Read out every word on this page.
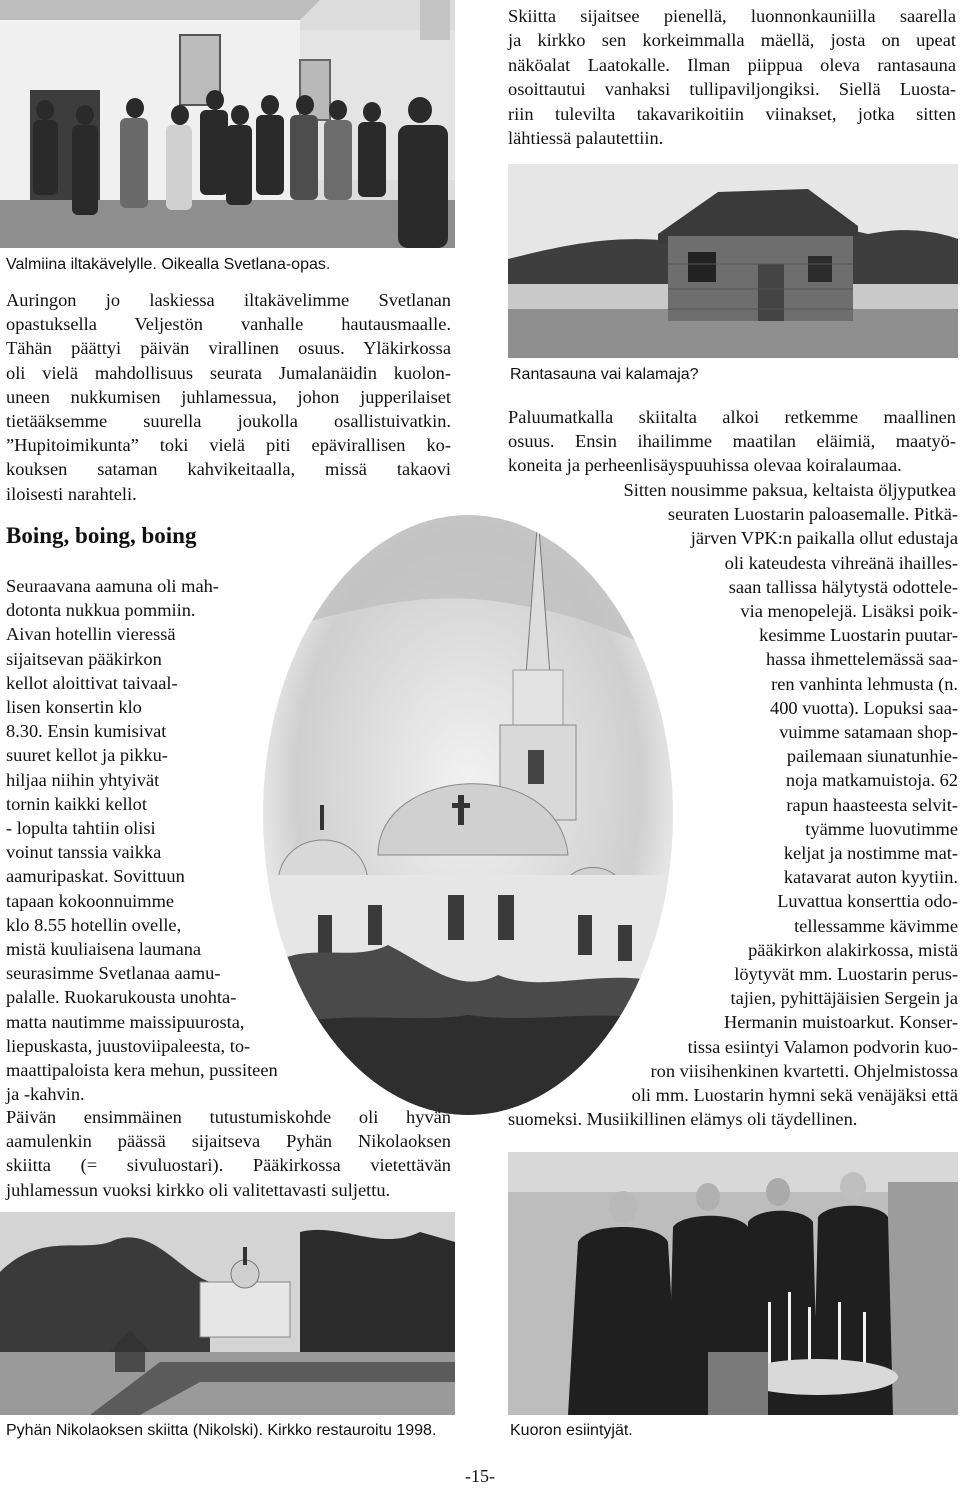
Valmiina iltakävelylle. Oikealla Svetlana-opas.

Skiitta sijaitsee pienellä, luonnonkauniilla saarella
ja kirkko sen korkeimmalla mäellä, josta on upeat
näköalat Laatokalle. Ilman piippua oleva rantasauna
osoittautui vanhaksi tullipaviljongiksi. Siellä Luosta-
riin tulevilta takavarikoitiin viinakset, jotka sitten
lähtiessä palautettiin.

Rantasauna vai kalamaja?

Auringon jo laskiessa iltakävelimme Svetlanan
opastuksella Veljestön vanhalle hautausmaalle.
Tähän päättyi päivän virallinen osuus. Yläkirkossa
oli vielä mahdollisuus seurata Jumalanäidin kuolon-
uneen nukkumisen juhlamessua, johon jupperilaiset
tietääksemme suurella joukolla osallistuivatkin.
”Hupitoimikunta” toki vielä piti epävirallisen ko-
kouksen sataman kahvikeitaalla, missä takaovi
iloisesti narahteli.

Boing, boing, boing

Paluumatkalla skiitalta alkoi retkemme maallinen
osuus. Ensin ihailimme maatilan eläimiä, maatyö-
koneita ja perheenlisäyspuuhissa olevaa koiralaumaa.

Seuraavana aamuna oli mah-
dotonta nukkua pommiin.
Aivan hotellin vieressä
sijaitsevan pääkirkon
kellot aloittivat taivaal-
lisen konsertin klo
8.30. Ensin kumisivat
suuret kellot ja pikku-
hiljaa niihin yhtyivät
tornin kaikki kellot
- lopulta tahtiin olisi
voinut tanssia vaikka
aamuripaskat. Sovittuun
tapaan kokoonnuimme
klo 8.55 hotellin ovelle,
mistä kuuliaisena laumana
seurasimme Svetlanaa aamu-
palalle. Ruokarukousta unohta-
matta nautimme maissipuurosta,
liepuskasta, juustoviipaleesta, to-
maattipaloista kera mehun, pussiteen
ja -kahvin.

Päivän ensimmäinen tutustumiskohde oli hyvän
aamulenkin päässä sijaitseva Pyhän Nikolaoksen
skiitta (= sivuluostari). Pääkirkossa vietettävän
juhlamessun vuoksi kirkko oli valitettavasti suljettu.

Sitten nousimme paksua, keltaista öljyputkea
seuraten Luostarin paloasemalle. Pitkä-
järven VPK:n paikalla ollut edustaja
oli kateudesta vihreänä ihailles-
saan tallissa hälytystä odottele-
via menopelejä. Lisäksi poik-
kesimme Luostarin puutar-
hassa ihmettelemässä saa-
ren vanhinta lehmusta (n.
400 vuotta). Lopuksi saa-
vuimme satamaan shop-
pailemaan siunatunhie-
noja matkamuistoja. 62
rapun haasteesta selvit-
tyämme luovutimme
keljat ja nostimme mat-
katavarat auton kyytiin.
Luvattua konserttia odo-
tellessamme kävimme
pääkirkon alakirkossa, mistä
löytyvät mm. Luostarin perus-
tajien, pyhittäjäisien Sergein ja
Hermanin muistoarkut. Konser-
tissa esiintyi Valamon podvorin kuo-
ron viisihenkinen kvartetti. Ohjelmistossa
oli mm. Luostarin hymni sekä venäjäksi että
suomeksi. Musiikillinen elämys oli täydellinen.
Pyhän Nikolaoksen skiitta (Nikolski). Kirkko restauroitu 1998.	Kuoron esiintyjät.
-15-
